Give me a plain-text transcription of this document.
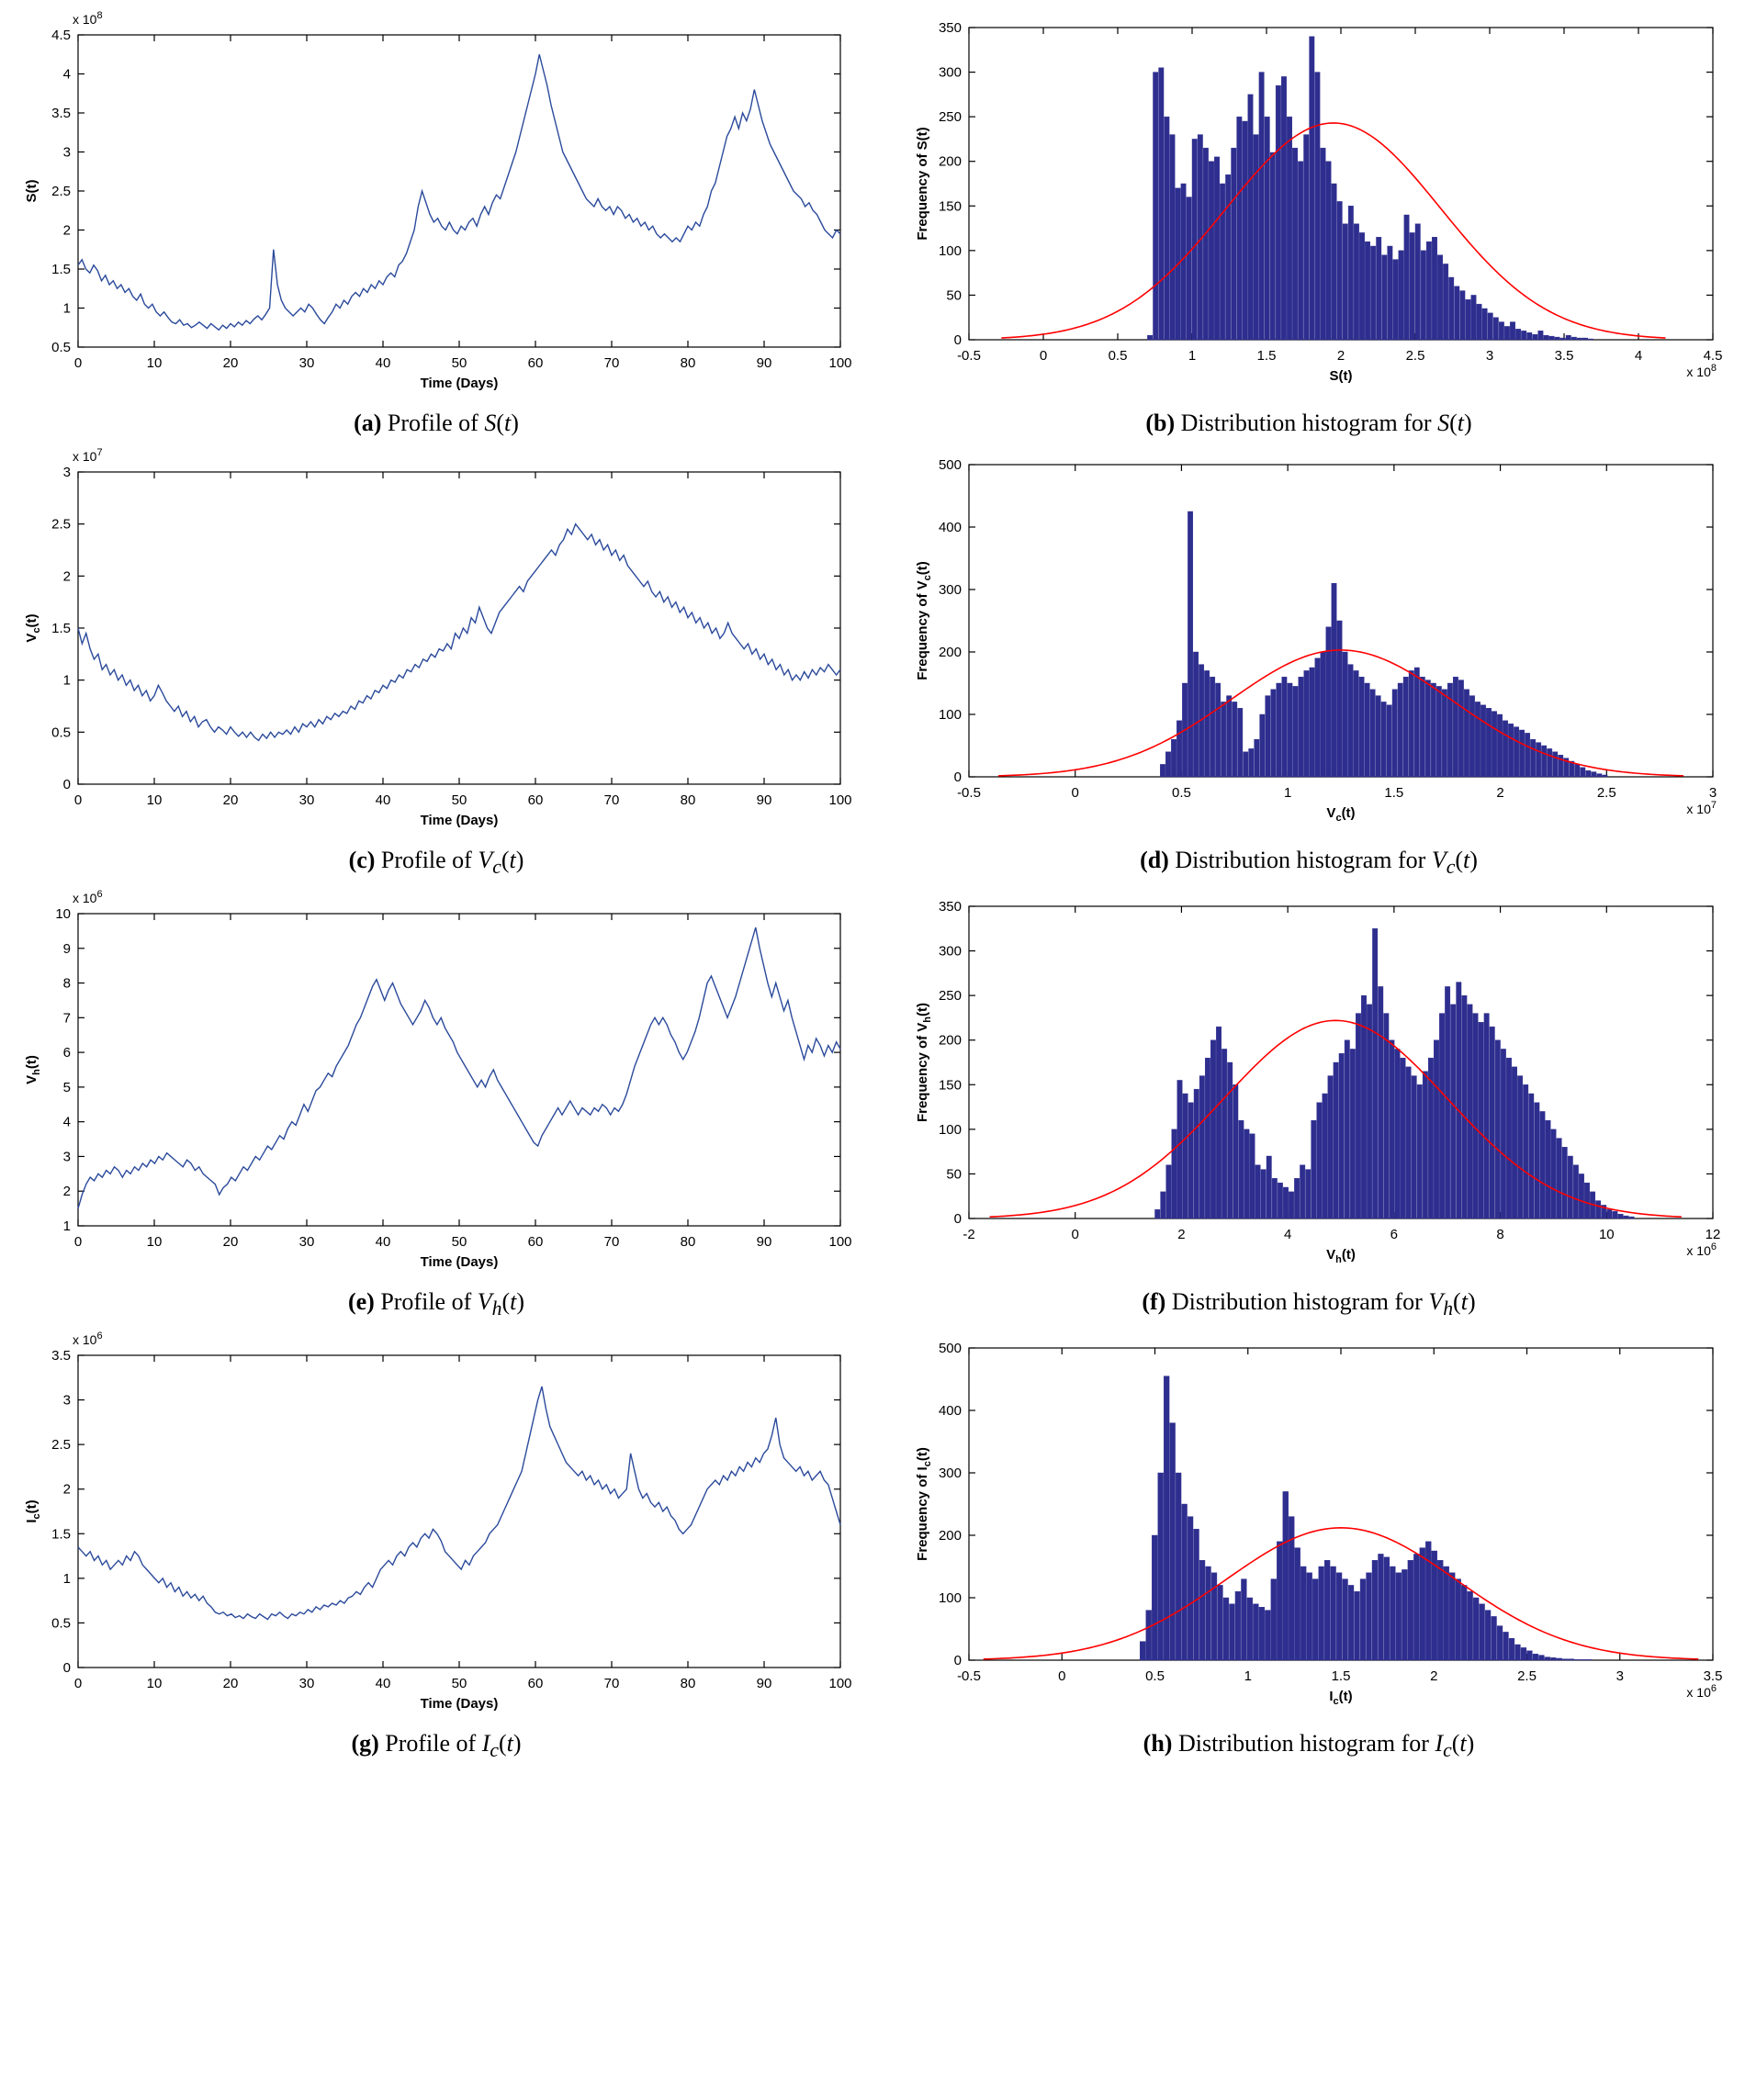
0	10	20	30	40	50	60	70	80	90	100
0.5
1
1.5
2
2.5
3
3.5
4
4.5
x $10^8$
Time (Days)
S(t)
(a) Profile of S(t)
-0.5	0	0.5	1	1.5	2	2.5	3	3.5	4	4.5
0
50
100
150
200
250
300
350
x $10^8$
S(t)
Frequency of S(t)
(b) Distribution histogram for S(t)
0	10	20	30	40	50	60	70	80	90	100
0
0.5
1
1.5
2
2.5
3
x $10^7$
Time (Days)
$V_c(t)$
(c) Profile of $V_c(t)$
-0.5	0	0.5	1	1.5	2	2.5	3
0
100
200
300
400
500
x $10^7$
$V_c(t)$
Frequency of $V_c(t)$
(d) Distribution histogram for $V_c(t)$
0	10	20	30	40	50	60	70	80	90	100
1
2
3
4
5
6
7
8
9
10
x $10^6$
Time (Days)
$V_h(t)$
(e) Profile of $V_h(t)$
-2	0	2	4	6	8	10	12
0
50
100
150
200
250
300
350
x $10^6$
$V_h(t)$
Frequency of $V_h(t)$
(f) Distribution histogram for $V_h(t)$
0	10	20	30	40	50	60	70	80	90	100
0
0.5
1
1.5
2
2.5
3
3.5
x $10^6$
Time (Days)
$I_c(t)$
(g) Profile of $I_c(t)$
-0.5	0	0.5	1	1.5	2	2.5	3	3.5
0
100
200
300
400
500
x $10^6$
$I_c(t)$
Frequency of $I_c(t)$
(h) Distribution histogram for $I_c(t)$
